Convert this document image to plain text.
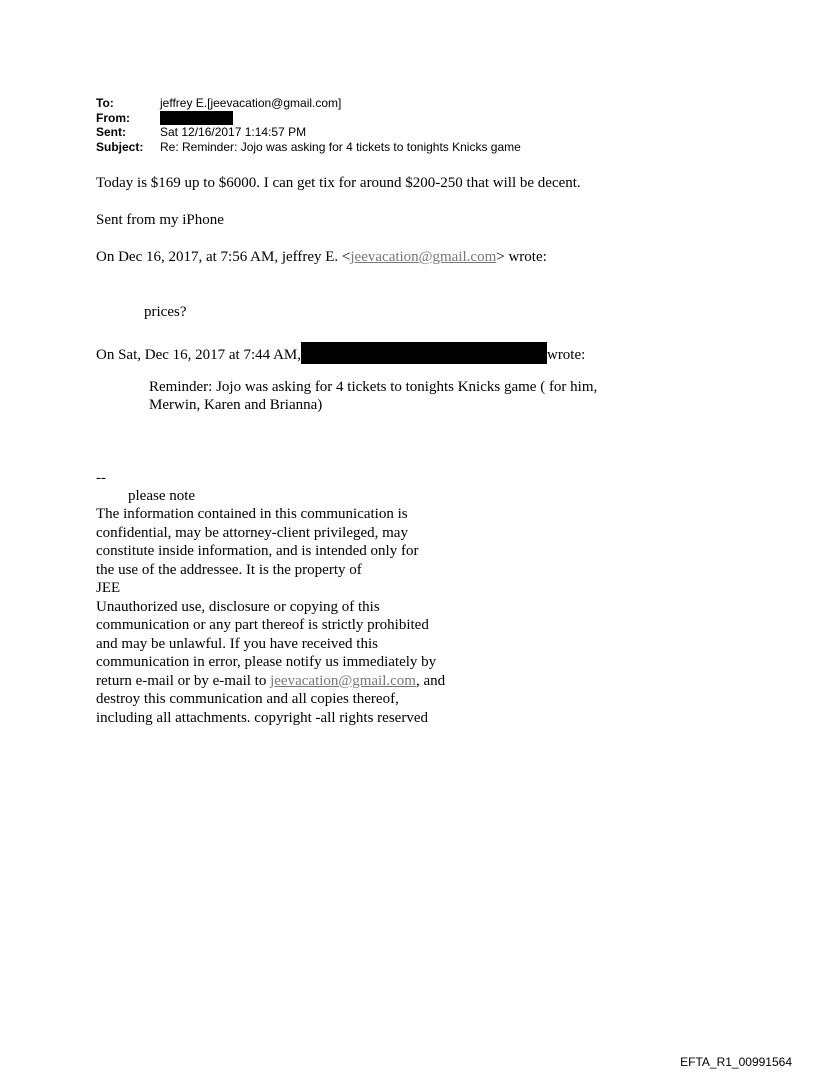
To:	jeffrey E.[jeevacation@gmail.com]
From:
Sent:	Sat 12/16/2017 1:14:57 PM
Subject:	Re: Reminder: Jojo was asking for 4 tickets to tonights Knicks game
Today is $169 up to $6000. I can get tix for around $200-250 that will be decent.
Sent from my iPhone
On Dec 16, 2017, at 7:56 AM, jeffrey E. <jeevacation@gmail.com> wrote:
prices?
On Sat, Dec 16, 2017 at 7:44 AM,	wrote:
Reminder: Jojo was asking for 4 tickets to tonights Knicks game ( for him,
Merwin, Karen and Brianna)
--
please note
The information contained in this communication is
confidential, may be attorney-client privileged, may
constitute inside information, and is intended only for
the use of the addressee. It is the property of
JEE
Unauthorized use, disclosure or copying of this
communication or any part thereof is strictly prohibited
and may be unlawful. If you have received this
communication in error, please notify us immediately by
return e-mail or by e-mail to jeevacation@gmail.com, and
destroy this communication and all copies thereof,
including all attachments. copyright -all rights reserved
EFTA_R1_00991564
